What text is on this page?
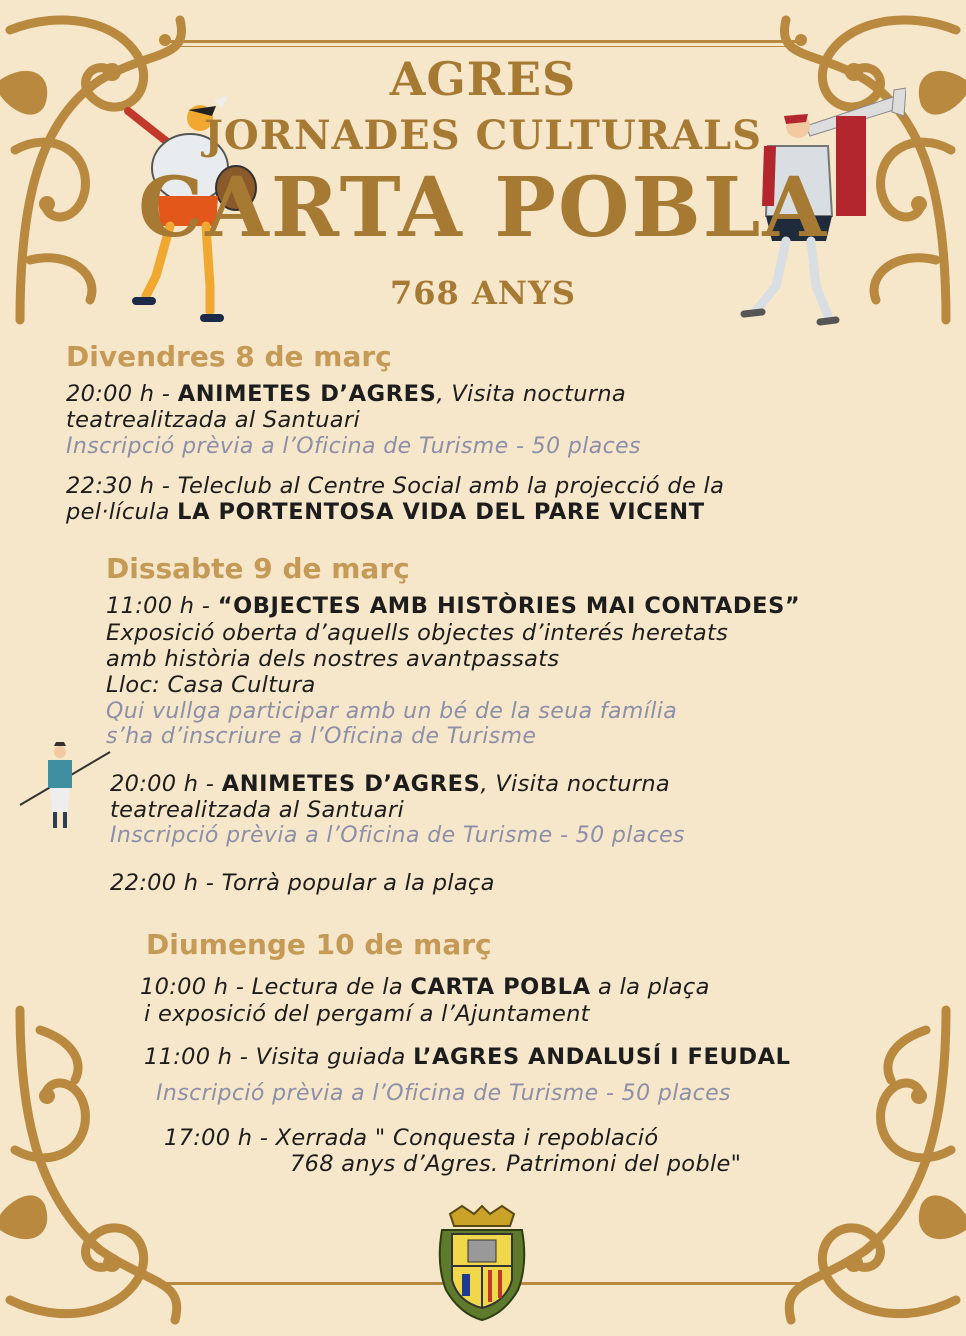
AGRES
JORNADES CULTURALS
CARTA POBLA
768 ANYS
Divendres 8 de març
20:00 h - ANIMETES D’AGRES, Visita nocturna
teatrealitzada al Santuari
Inscripció prèvia a l’Oficina de Turisme - 50 places
22:30 h - Teleclub al Centre Social amb la projecció de la
pel·lícula LA PORTENTOSA VIDA DEL PARE VICENT
Dissabte 9 de març
11:00 h - “OBJECTES AMB HISTÒRIES MAI CONTADES”
Exposició oberta d’aquells objectes d’interés heretats
amb història dels nostres avantpassats
Lloc: Casa Cultura
Qui vullga participar amb un bé de la seua família
s’ha d’inscriure a l’Oficina de Turisme
20:00 h - ANIMETES D’AGRES, Visita nocturna
teatrealitzada al Santuari
Inscripció prèvia a l’Oficina de Turisme - 50 places
22:00 h - Torrà popular a la plaça
Diumenge 10 de març
10:00 h - Lectura de la CARTA POBLA a la plaça
i exposició del pergamí a l’Ajuntament
11:00 h - Visita guiada L’AGRES ANDALUSÍ I FEUDAL
Inscripció prèvia a l’Oficina de Turisme - 50 places
17:00 h - Xerrada " Conquesta i repoblació
768 anys d’Agres. Patrimoni del poble"
